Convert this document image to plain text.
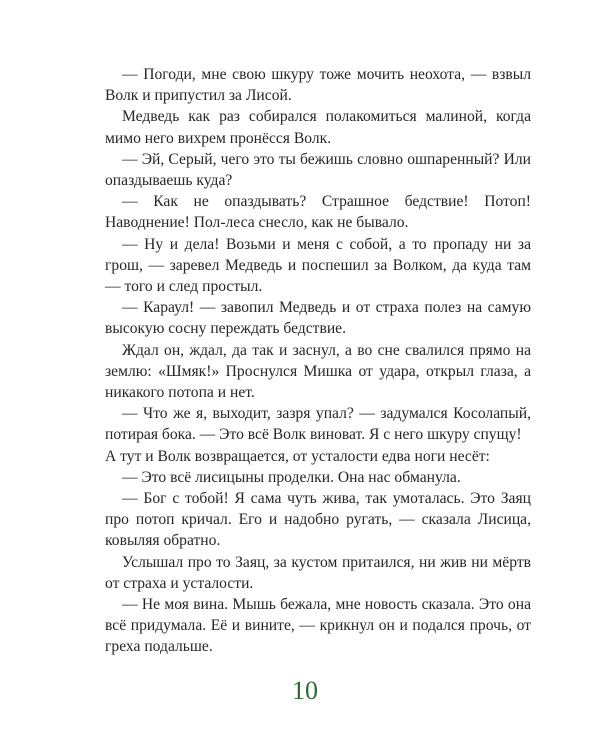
— Погоди, мне свою шкуру тоже мочить неохота, — взвыл Волк и припустил за Лисой.

Медведь как раз собирался полакомиться малиной, когда мимо него вихрем пронёсся Волк.

— Эй, Серый, чего это ты бежишь словно ошпаренный? Или опаздываешь куда?

— Как не опаздывать? Страшное бедствие! Потоп! Наводнение! Пол-леса снесло, как не бывало.

— Ну и дела! Возьми и меня с собой, а то пропаду ни за грош, — заревел Медведь и поспешил за Волком, да куда там — того и след простыл.

— Караул! — завопил Медведь и от страха полез на самую высокую сосну переждать бедствие.

Ждал он, ждал, да так и заснул, а во сне свалился прямо на землю: «Шмяк!» Проснулся Мишка от удара, открыл глаза, а никакого потопа и нет.

— Что же я, выходит, зазря упал? — задумался Косолапый, потирая бока. — Это всё Волк виноват. Я с него шкуру спущу!

А тут и Волк возвращается, от усталости едва ноги несёт:

— Это всё лисицыны проделки. Она нас обманула.

— Бог с тобой! Я сама чуть жива, так умоталась. Это Заяц про потоп кричал. Его и надобно ругать, — сказала Лисица, ковыляя обратно.

Услышал про то Заяц, за кустом притаился, ни жив ни мёртв от страха и усталости.

— Не моя вина. Мышь бежала, мне новость сказала. Это она всё придумала. Её и вините, — крикнул он и подался прочь, от греха подальше.

10
